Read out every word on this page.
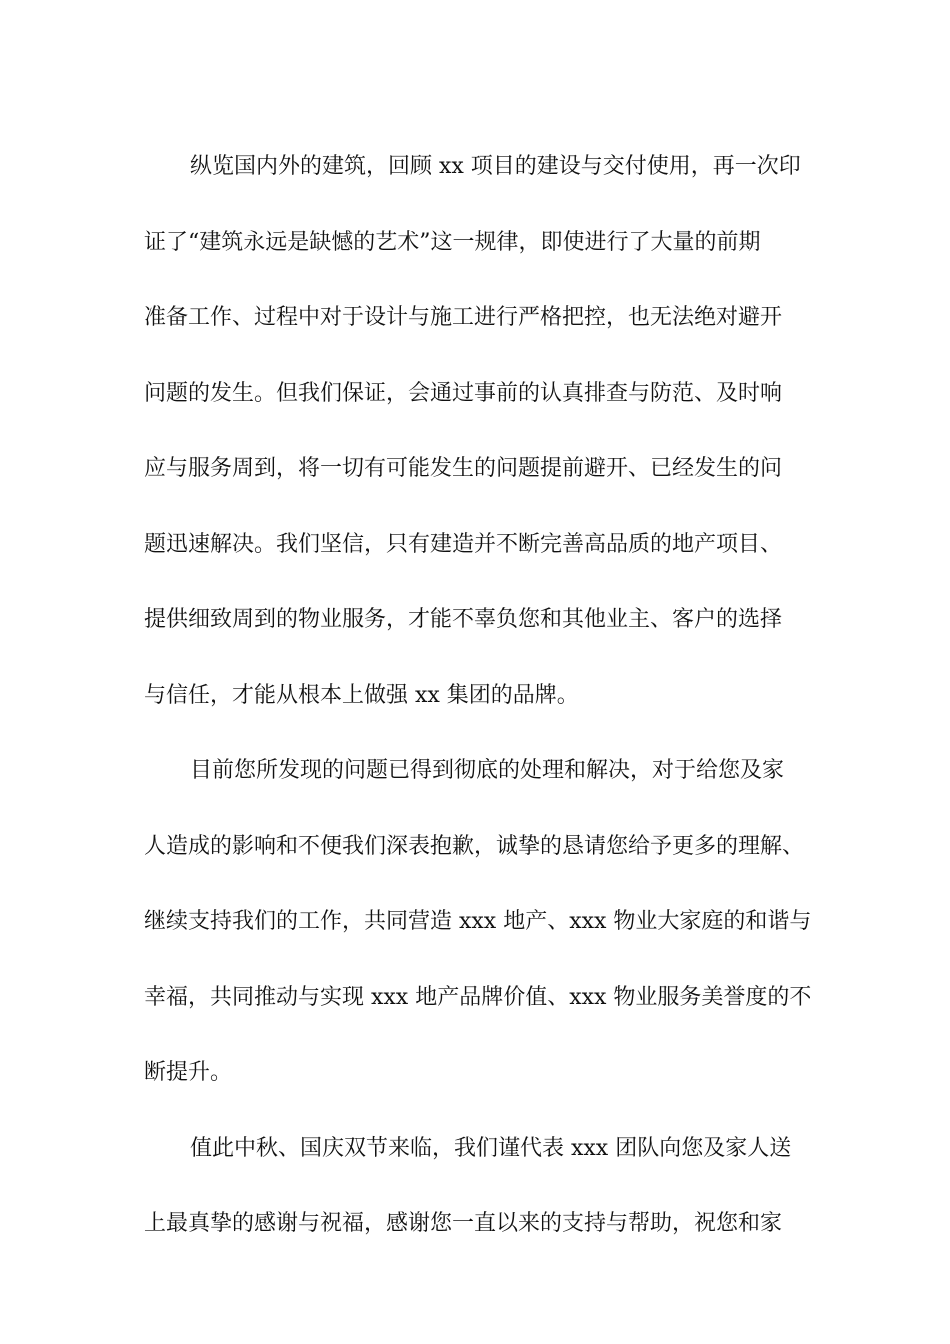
纵览国内外的建筑，回顾 xx 项目的建设与交付使用，再一次印
证了“建筑永远是缺憾的艺术”这一规律，即使进行了大量的前期
准备工作、过程中对于设计与施工进行严格把控，也无法绝对避开
问题的发生。但我们保证，会通过事前的认真排查与防范、及时响
应与服务周到，将一切有可能发生的问题提前避开、已经发生的问
题迅速解决。我们坚信，只有建造并不断完善高品质的地产项目、
提供细致周到的物业服务，才能不辜负您和其他业主、客户的选择
与信任，才能从根本上做强 xx 集团的品牌。
目前您所发现的问题已得到彻底的处理和解决，对于给您及家
人造成的影响和不便我们深表抱歉，诚挚的恳请您给予更多的理解、
继续支持我们的工作，共同营造 xxx 地产、xxx 物业大家庭的和谐与
幸福，共同推动与实现 xxx 地产品牌价值、xxx 物业服务美誉度的不
断提升。
值此中秋、国庆双节来临，我们谨代表 xxx 团队向您及家人送
上最真挚的感谢与祝福，感谢您一直以来的支持与帮助，祝您和家
